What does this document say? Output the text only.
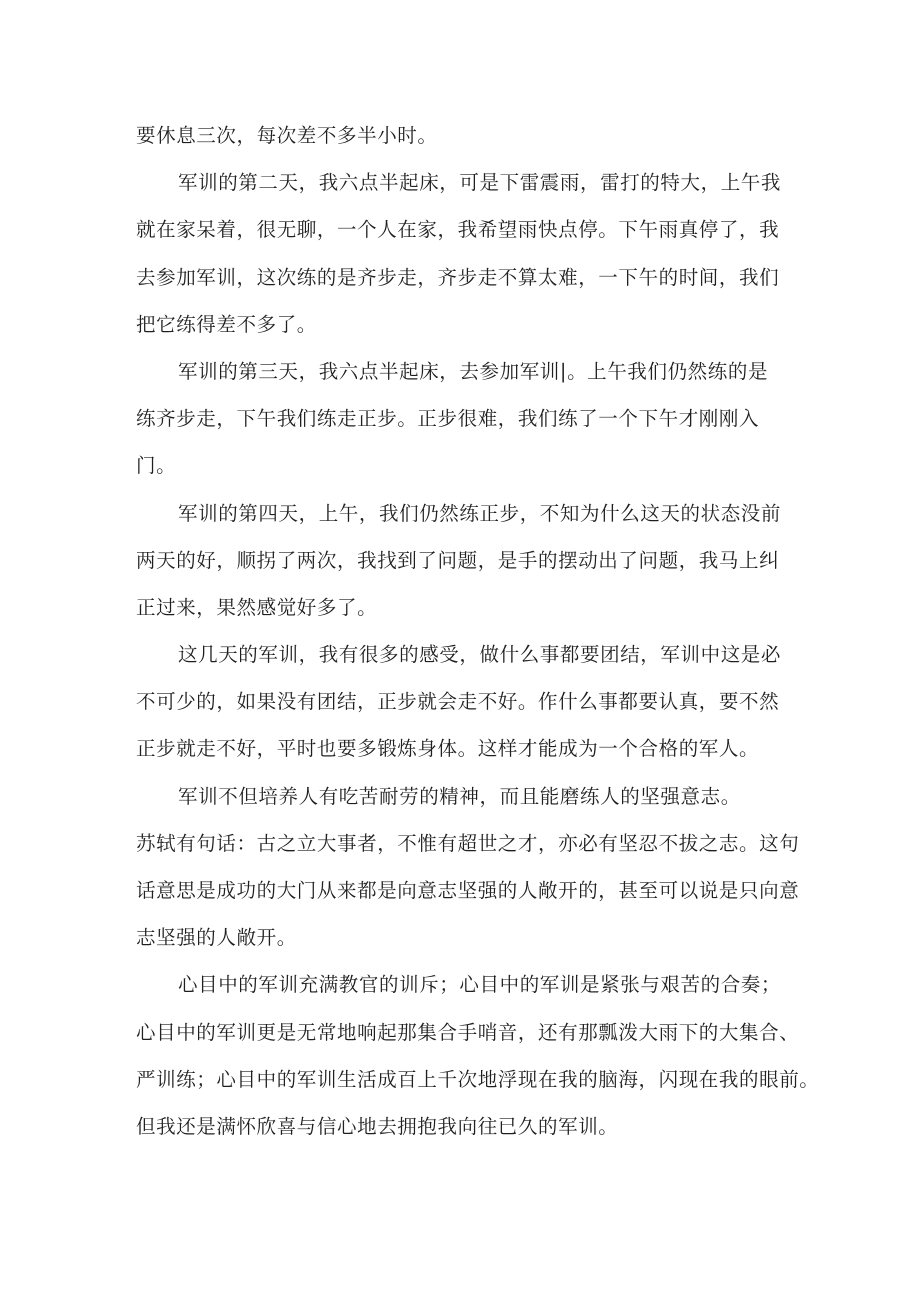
要休息三次，每次差不多半小时。
军训的第二天，我六点半起床，可是下雷震雨，雷打的特大，上午我
就在家呆着，很无聊，一个人在家，我希望雨快点停。下午雨真停了，我
去参加军训，这次练的是齐步走，齐步走不算太难，一下午的时间，我们
把它练得差不多了。
军训的第三天，我六点半起床，去参加军训|。上午我们仍然练的是
练齐步走，下午我们练走正步。正步很难，我们练了一个下午才刚刚入
门。
军训的第四天，上午，我们仍然练正步，不知为什么这天的状态没前
两天的好，顺拐了两次，我找到了问题，是手的摆动出了问题，我马上纠
正过来，果然感觉好多了。
这几天的军训，我有很多的感受，做什么事都要团结，军训中这是必
不可少的，如果没有团结，正步就会走不好。作什么事都要认真，要不然
正步就走不好，平时也要多锻炼身体。这样才能成为一个合格的军人。
军训不但培养人有吃苦耐劳的精神，而且能磨练人的坚强意志。
苏轼有句话：古之立大事者，不惟有超世之才，亦必有坚忍不拔之志。这句
话意思是成功的大门从来都是向意志坚强的人敞开的，甚至可以说是只向意
志坚强的人敞开。
心目中的军训充满教官的训斥；心目中的军训是紧张与艰苦的合奏；
心目中的军训更是无常地响起那集合手哨音，还有那瓢泼大雨下的大集合、
严训练；心目中的军训生活成百上千次地浮现在我的脑海，闪现在我的眼前。
但我还是满怀欣喜与信心地去拥抱我向往已久的军训。
